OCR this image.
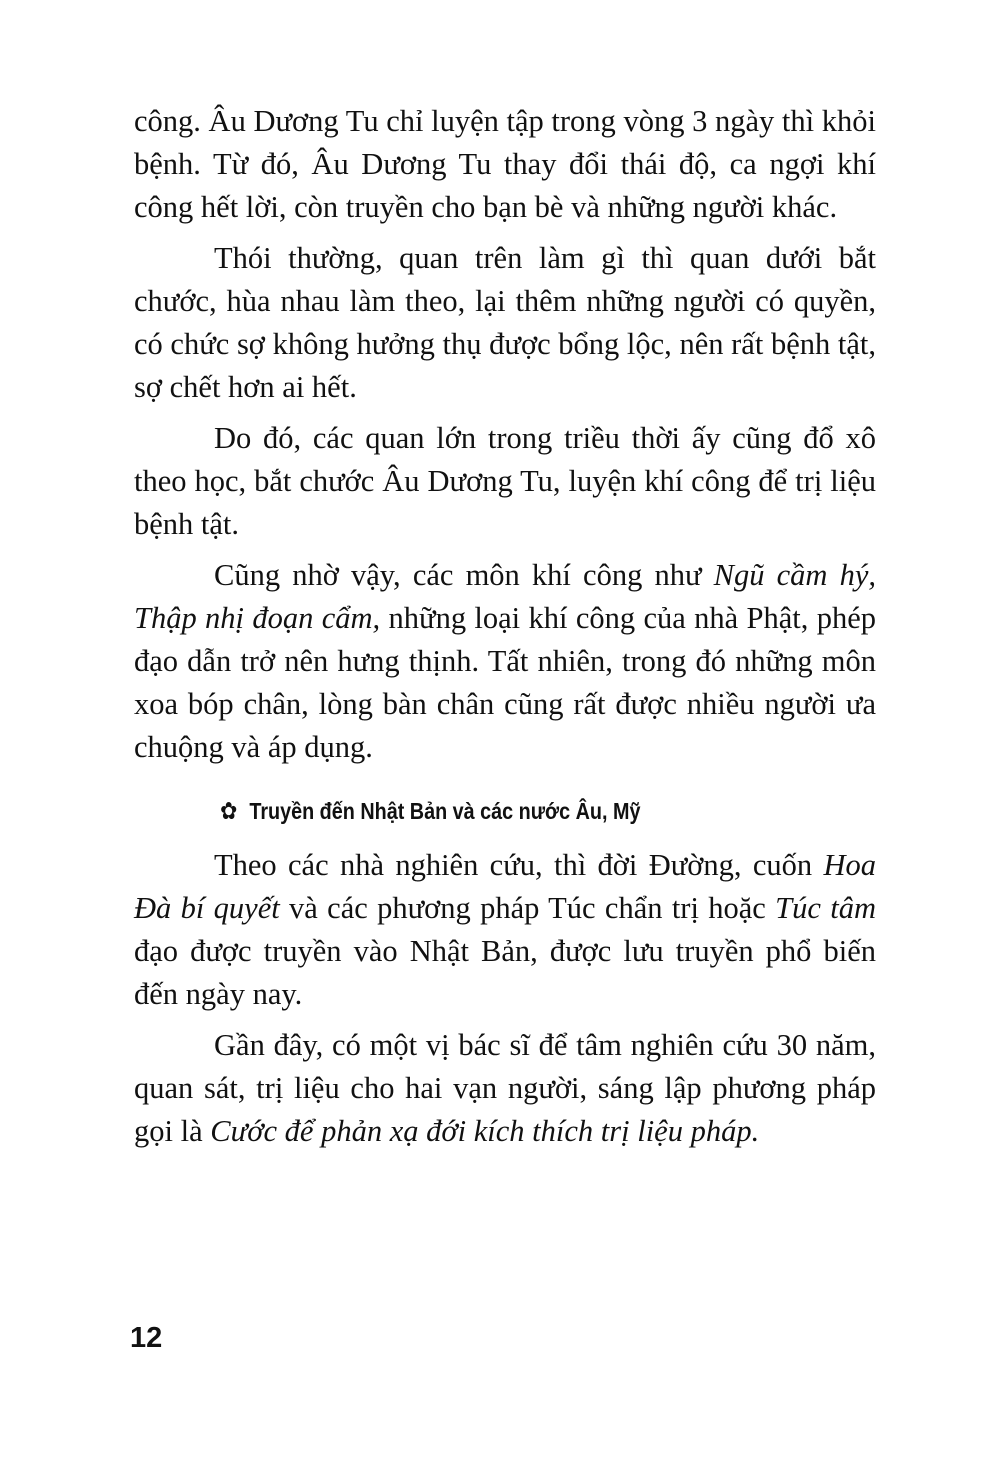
công. Âu Dương Tu chỉ luyện tập trong vòng 3 ngày thì khỏi bệnh. Từ đó, Âu Dương Tu thay đổi thái độ, ca ngợi khí công hết lời, còn truyền cho bạn bè và những người khác.

Thói thường, quan trên làm gì thì quan dưới bắt chước, hùa nhau làm theo, lại thêm những người có quyền, có chức sợ không hưởng thụ được bổng lộc, nên rất bệnh tật, sợ chết hơn ai hết.

Do đó, các quan lớn trong triều thời ấy cũng đổ xô theo học, bắt chước Âu Dương Tu, luyện khí công để trị liệu bệnh tật.

Cũng nhờ vậy, các môn khí công như Ngũ cầm hý, Thập nhị đoạn cẩm, những loại khí công của nhà Phật, phép đạo dẫn trở nên hưng thịnh. Tất nhiên, trong đó những môn xoa bóp chân, lòng bàn chân cũng rất được nhiều người ưa chuộng và áp dụng.

✿ Truyền đến Nhật Bản và các nước Âu, Mỹ

Theo các nhà nghiên cứu, thì đời Đường, cuốn Hoa Đà bí quyết và các phương pháp Túc chẩn trị hoặc Túc tâm đạo được truyền vào Nhật Bản, được lưu truyền phổ biến đến ngày nay.

Gần đây, có một vị bác sĩ để tâm nghiên cứu 30 năm, quan sát, trị liệu cho hai vạn người, sáng lập phương pháp gọi là Cước để phản xạ đới kích thích trị liệu pháp.

12
